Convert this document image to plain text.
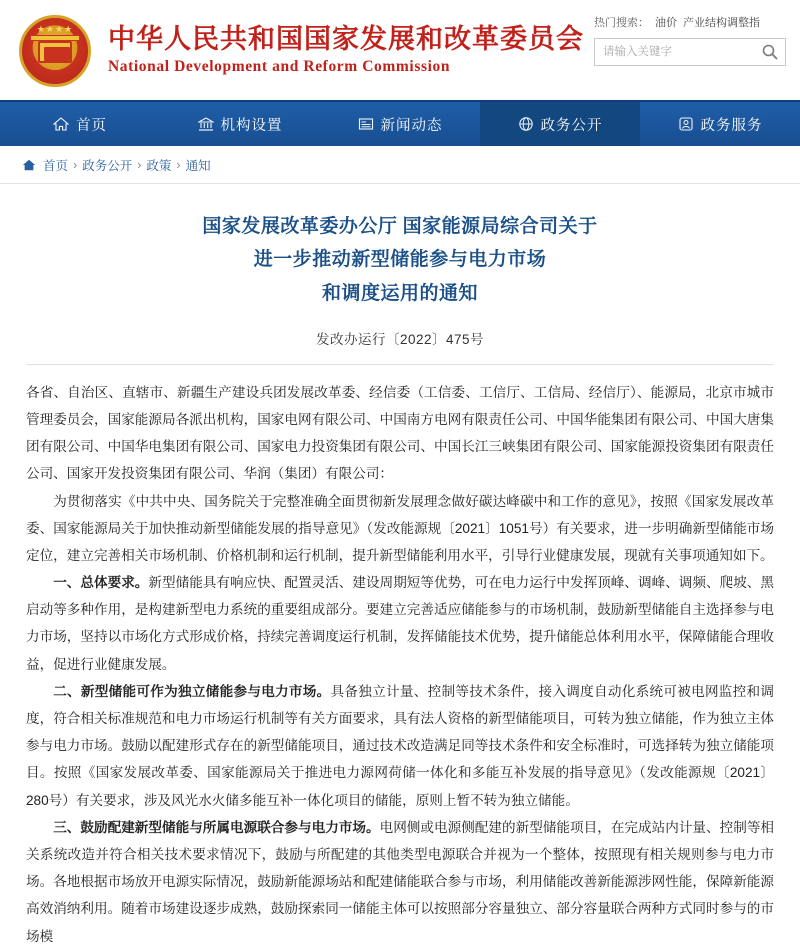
★★★★ 中华人民共和国国家发展和改革委员会
National Development and Reform Commission
热门搜索： 油价 产业结构调整指
请输入关键字
首页	机构设置	新闻动态	政务公开	政务服务
首页 › 政务公开 › 政策 › 通知
国家发展改革委办公厅 国家能源局综合司关于
进一步推动新型储能参与电力市场
和调度运用的通知
发改办运行〔2022〕475号

各省、自治区、直辖市、新疆生产建设兵团发展改革委、经信委（工信委、工信厅、工信局、经信厅）、能源局，北京市城市管理委员会，国家能源局各派出机构，国家电网有限公司、中国南方电网有限责任公司、中国华能集团有限公司、中国大唐集团有限公司、中国华电集团有限公司、国家电力投资集团有限公司、中国长江三峡集团有限公司、国家能源投资集团有限责任公司、国家开发投资集团有限公司、华润（集团）有限公司：

为贯彻落实《中共中央、国务院关于完整准确全面贯彻新发展理念做好碳达峰碳中和工作的意见》，按照《国家发展改革委、国家能源局关于加快推动新型储能发展的指导意见》（发改能源规〔2021〕1051号）有关要求，进一步明确新型储能市场定位，建立完善相关市场机制、价格机制和运行机制，提升新型储能利用水平，引导行业健康发展，现就有关事项通知如下。

一、总体要求。新型储能具有响应快、配置灵活、建设周期短等优势，可在电力运行中发挥顶峰、调峰、调频、爬坡、黑启动等多种作用，是构建新型电力系统的重要组成部分。要建立完善适应储能参与的市场机制，鼓励新型储能自主选择参与电力市场，坚持以市场化方式形成价格，持续完善调度运行机制，发挥储能技术优势，提升储能总体利用水平，保障储能合理收益，促进行业健康发展。

二、新型储能可作为独立储能参与电力市场。具备独立计量、控制等技术条件，接入调度自动化系统可被电网监控和调度，符合相关标准规范和电力市场运行机制等有关方面要求，具有法人资格的新型储能项目，可转为独立储能，作为独立主体参与电力市场。鼓励以配建形式存在的新型储能项目，通过技术改造满足同等技术条件和安全标准时，可选择转为独立储能项目。按照《国家发展改革委、国家能源局关于推进电力源网荷储一体化和多能互补发展的指导意见》（发改能源规〔2021〕280号）有关要求，涉及风光水火储多能互补一体化项目的储能，原则上暂不转为独立储能。

三、鼓励配建新型储能与所属电源联合参与电力市场。电网侧或电源侧配建的新型储能项目，在完成站内计量、控制等相关系统改造并符合相关技术要求情况下，鼓励与所配建的其他类型电源联合并视为一个整体，按照现有相关规则参与电力市场。各地根据市场放开电源实际情况，鼓励新能源场站和配建储能联合参与市场，利用储能改善新能源涉网性能，保障新能源高效消纳利用。随着市场建设逐步成熟，鼓励探索同一储能主体可以按照部分容量独立、部分容量联合两种方式同时参与的市场模
